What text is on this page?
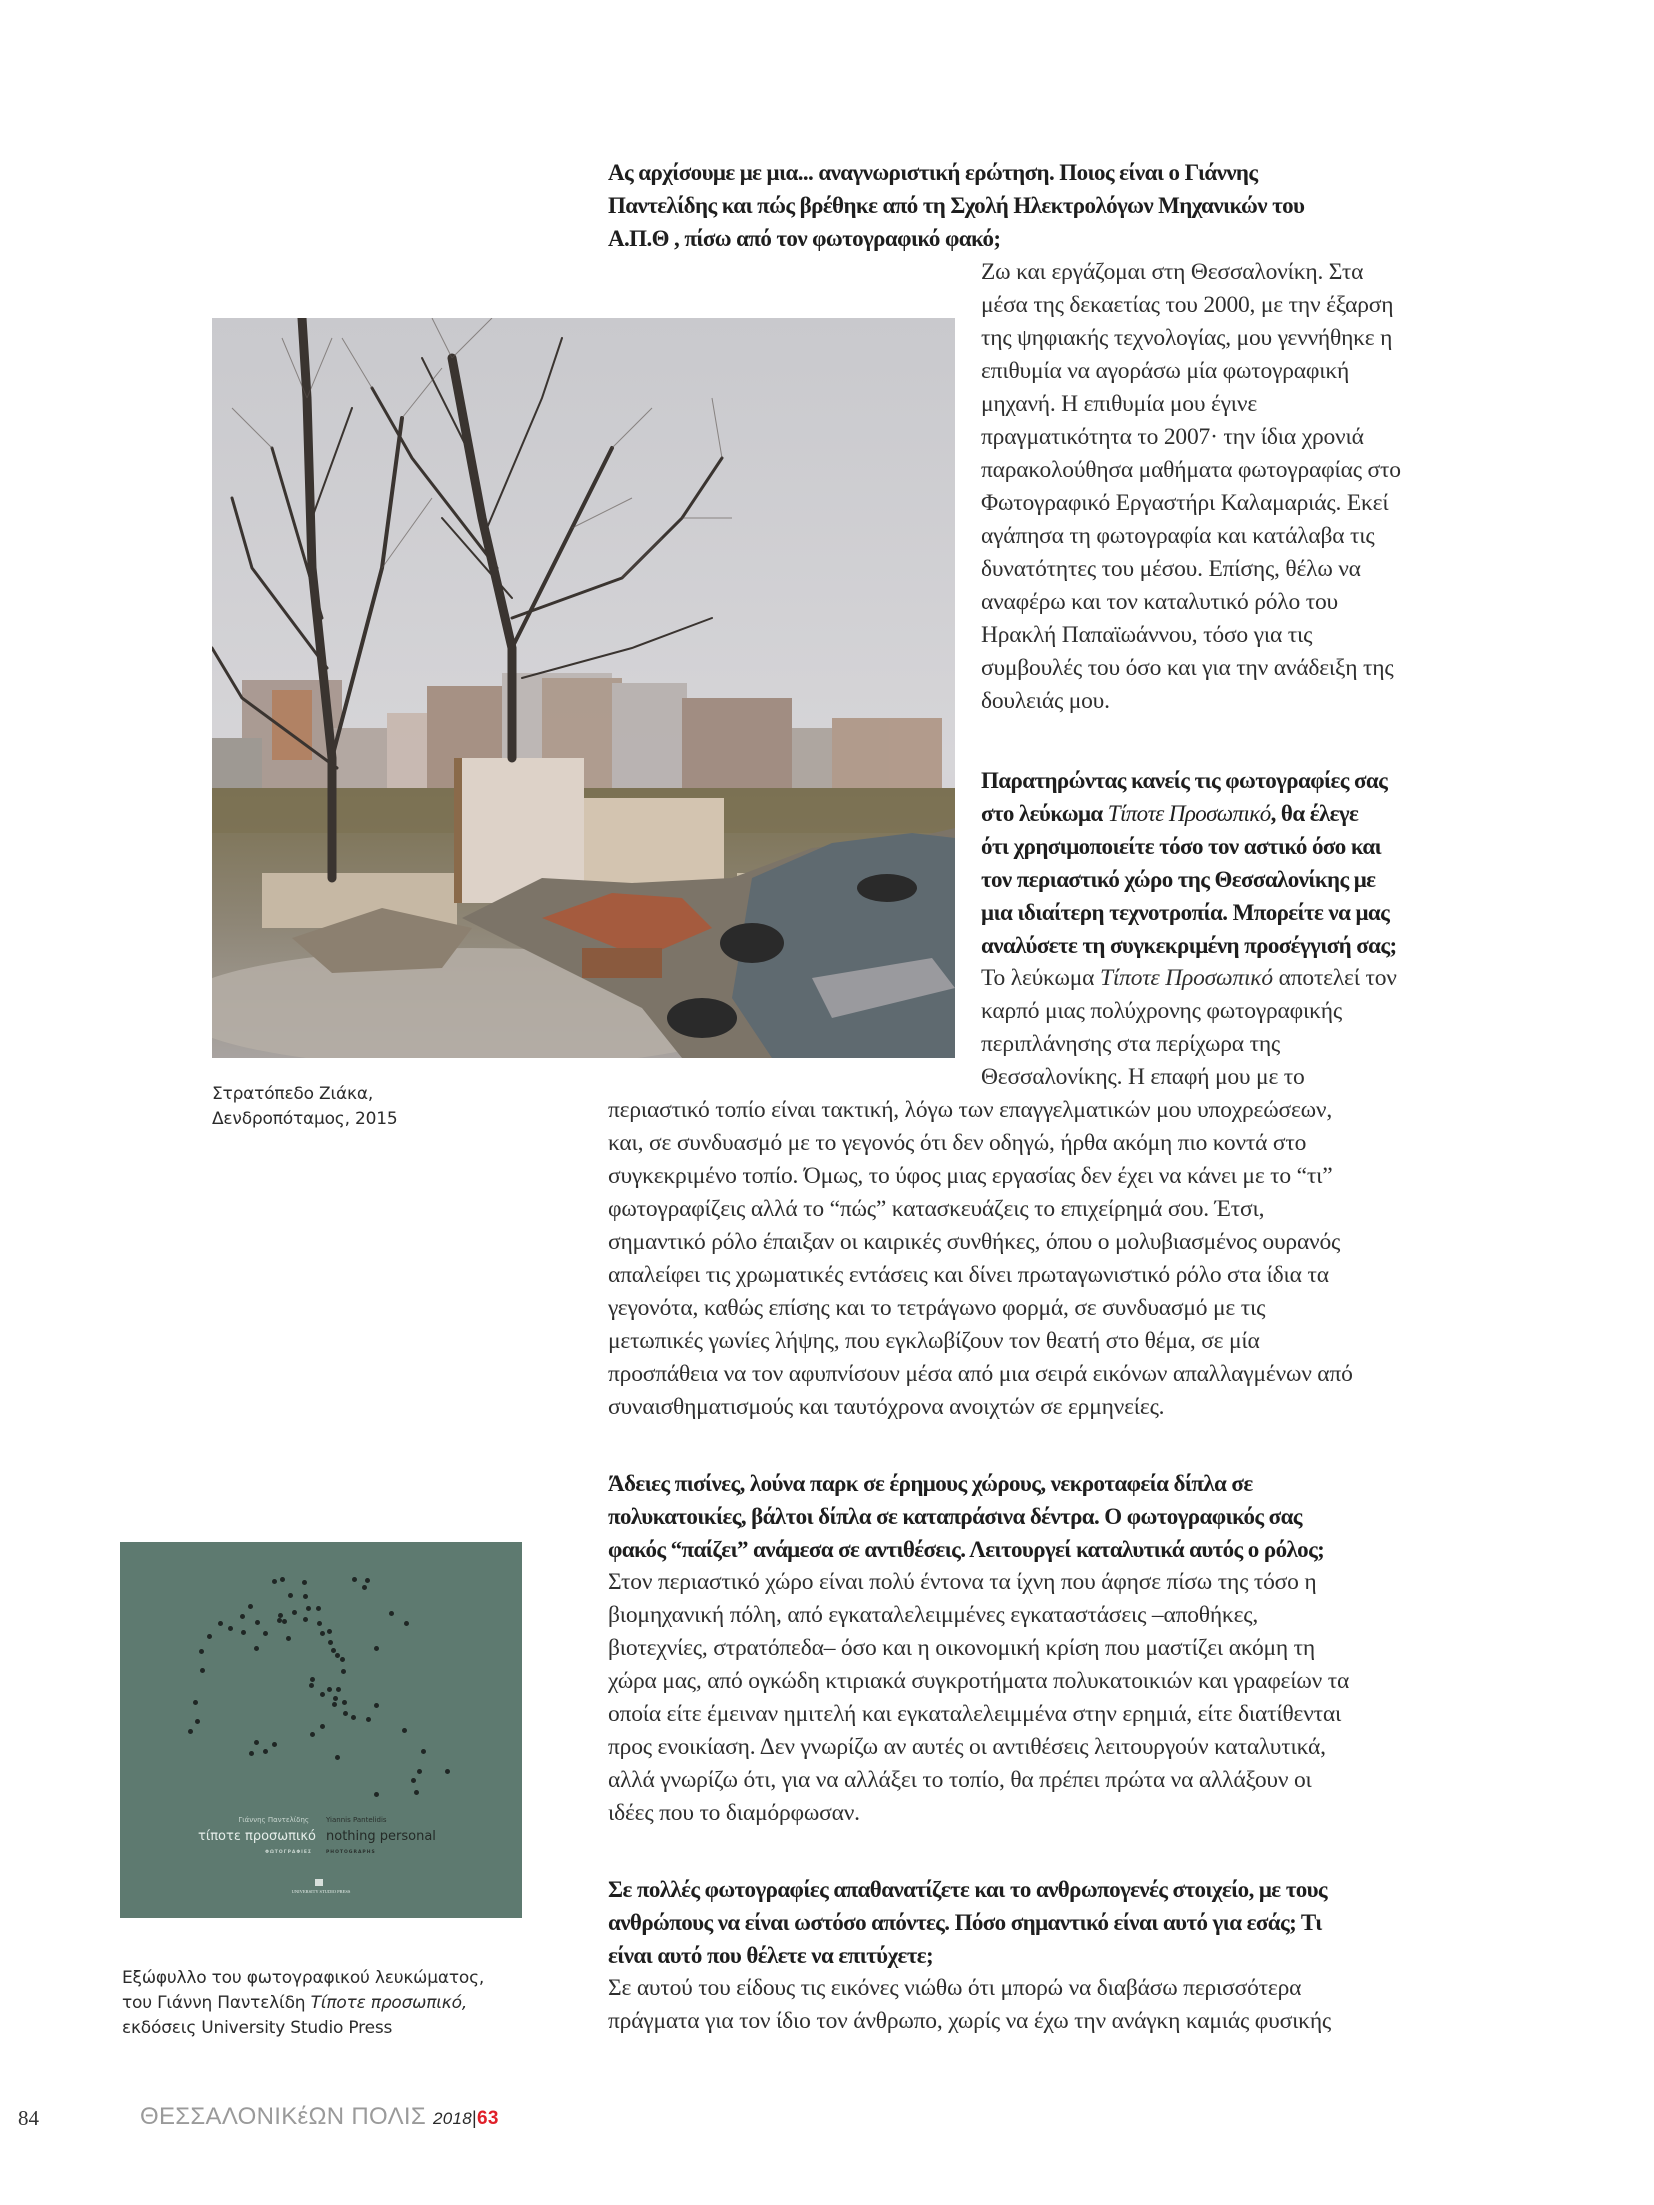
Ας αρχίσουμε με μια... αναγνωριστική ερώτηση. Ποιος είναι ο Γιάννης
Παντελίδης και πώς βρέθηκε από τη Σχολή Ηλεκτρολόγων Μηχανικών του
Α.Π.Θ , πίσω από τον φωτογραφικό φακό;
Ζω και εργάζομαι στη Θεσσαλονίκη. Στα
μέσα της δεκαετίας του 2000, με την έξαρση
της ψηφιακής τεχνολογίας, μου γεννήθηκε η
επιθυμία να αγοράσω μία φωτογραφική
μηχανή. Η επιθυμία μου έγινε
πραγματικότητα το 2007· την ίδια χρονιά
παρακολούθησα μαθήματα φωτογραφίας στο
Φωτογραφικό Εργαστήρι Καλαμαριάς. Εκεί
αγάπησα τη φωτογραφία και κατάλαβα τις
δυνατότητες του μέσου. Επίσης, θέλω να
αναφέρω και τον καταλυτικό ρόλο του
Ηρακλή Παπαϊωάννου, τόσο για τις
συμβουλές του όσο και για την ανάδειξη της
δουλειάς μου.
Παρατηρώντας κανείς τις φωτογραφίες σας
στο λεύκωμα Τίποτε Προσωπικό, θα έλεγε
ότι χρησιμοποιείτε τόσο τον αστικό όσο και
τον περιαστικό χώρο της Θεσσαλονίκης με
μια ιδιαίτερη τεχνοτροπία. Μπορείτε να μας
αναλύσετε τη συγκεκριμένη προσέγγισή σας;
Το λεύκωμα Τίποτε Προσωπικό αποτελεί τον
καρπό μιας πολύχρονης φωτογραφικής
περιπλάνησης στα περίχωρα της
Θεσσαλονίκης. Η επαφή μου με το
περιαστικό τοπίο είναι τακτική, λόγω των επαγγελματικών μου υποχρεώσεων,
και, σε συνδυασμό με το γεγονός ότι δεν οδηγώ, ήρθα ακόμη πιο κοντά στο
συγκεκριμένο τοπίο. Όμως, το ύφος μιας εργασίας δεν έχει να κάνει με το “τι”
φωτογραφίζεις αλλά το “πώς” κατασκευάζεις το επιχείρημά σου. Έτσι,
σημαντικό ρόλο έπαιξαν οι καιρικές συνθήκες, όπου ο μολυβιασμένος ουρανός
απαλείφει τις χρωματικές εντάσεις και δίνει πρωταγωνιστικό ρόλο στα ίδια τα
γεγονότα, καθώς επίσης και το τετράγωνο φορμά, σε συνδυασμό με τις
μετωπικές γωνίες λήψης, που εγκλωβίζουν τον θεατή στο θέμα, σε μία
προσπάθεια να τον αφυπνίσουν μέσα από μια σειρά εικόνων απαλλαγμένων από
συναισθηματισμούς και ταυτόχρονα ανοιχτών σε ερμηνείες.
Άδειες πισίνες, λούνα παρκ σε έρημους χώρους, νεκροταφεία δίπλα σε
πολυκατοικίες, βάλτοι δίπλα σε καταπράσινα δέντρα. Ο φωτογραφικός σας
φακός “παίζει” ανάμεσα σε αντιθέσεις. Λειτουργεί καταλυτικά αυτός ο ρόλος;
Στον περιαστικό χώρο είναι πολύ έντονα τα ίχνη που άφησε πίσω της τόσο η
βιομηχανική πόλη, από εγκαταλελειμμένες εγκαταστάσεις –αποθήκες,
βιοτεχνίες, στρατόπεδα– όσο και η οικονομική κρίση που μαστίζει ακόμη τη
χώρα μας, από ογκώδη κτιριακά συγκροτήματα πολυκατοικιών και γραφείων τα
οποία είτε έμειναν ημιτελή και εγκαταλελειμμένα στην ερημιά, είτε διατίθενται
προς ενοικίαση. Δεν γνωρίζω αν αυτές οι αντιθέσεις λειτουργούν καταλυτικά,
αλλά γνωρίζω ότι, για να αλλάξει το τοπίο, θα πρέπει πρώτα να αλλάξουν οι
ιδέες που το διαμόρφωσαν.
Σε πολλές φωτογραφίες απαθανατίζετε και το ανθρωπογενές στοιχείο, με τους
ανθρώπους να είναι ωστόσο απόντες. Πόσο σημαντικό είναι αυτό για εσάς; Τι
είναι αυτό που θέλετε να επιτύχετε;
Σε αυτού του είδους τις εικόνες νιώθω ότι μπορώ να διαβάσω περισσότερα
πράγματα για τον ίδιο τον άνθρωπο, χωρίς να έχω την ανάγκη καμιάς φυσικής
Στρατόπεδο Ζιάκα,
Δενδροπόταμος, 2015
Γιάννης Παντελίδης Yiannis Pantelidis
τίποτε προσωπικό nothing personal
ΦΩΤΟΓΡΑΦΙΕΣ	PHOTOGRAPHS
UNIVERSITY STUDIO PRESS
Εξώφυλλο του φωτογραφικού λευκώματος,
του Γιάννη Παντελίδη Τίποτε προσωπικό,
εκδόσεις University Studio Press
84	ΘΕΣΣΑΛΟΝΙΚέΩΝ ΠΟΛΙΣ 2018|63
